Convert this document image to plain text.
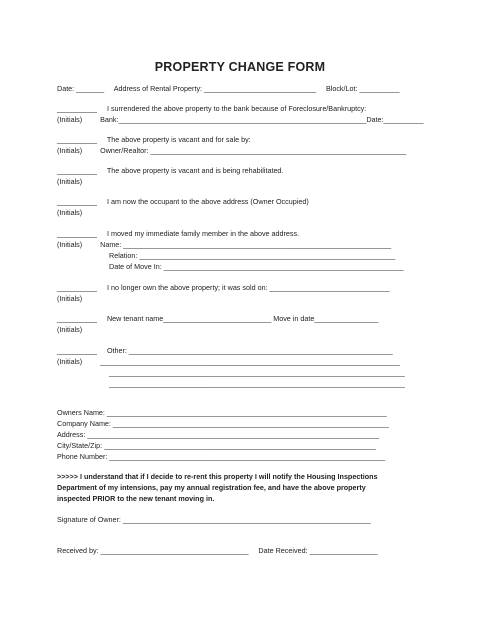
PROPERTY CHANGE FORM
Date: _______     Address of Rental Property: ____________________________     Block/Lot: __________
__________     I surrendered the above property to the bank because of Foreclosure/Bankruptcy:
(Initials)         Bank:______________________________________________________________Date:__________
__________     The above property is vacant and for sale by:
(Initials)         Owner/Realtor: ________________________________________________________________
__________     The above property is vacant and is being rehabilitated.
(Initials)
__________     I am now the occupant to the above address (Owner Occupied)
(Initials)
__________     I moved my immediate family member in the above address.
(Initials)         Name: ___________________________________________________________________
Relation: ________________________________________________________________
Date of Move In: ____________________________________________________________
__________     I no longer own the above property; it was sold on: ______________________________
(Initials)
__________     New tenant name___________________________ Move in date________________
(Initials)
__________     Other: __________________________________________________________________
(Initials)         ___________________________________________________________________________
__________________________________________________________________________
__________________________________________________________________________
Owners Name: ______________________________________________________________________
Company Name: _____________________________________________________________________
Address: _________________________________________________________________________
City/State/Zip: ____________________________________________________________________
Phone Number: _____________________________________________________________________
>>>>> I understand that if I decide to re-rent this property I will notify the Housing Inspections
Department of my intensions, pay my annual registration fee, and have the above property
inspected PRIOR to the new tenant moving in.
Signature of Owner: ______________________________________________________________
Received by: _____________________________________     Date Received: _________________
